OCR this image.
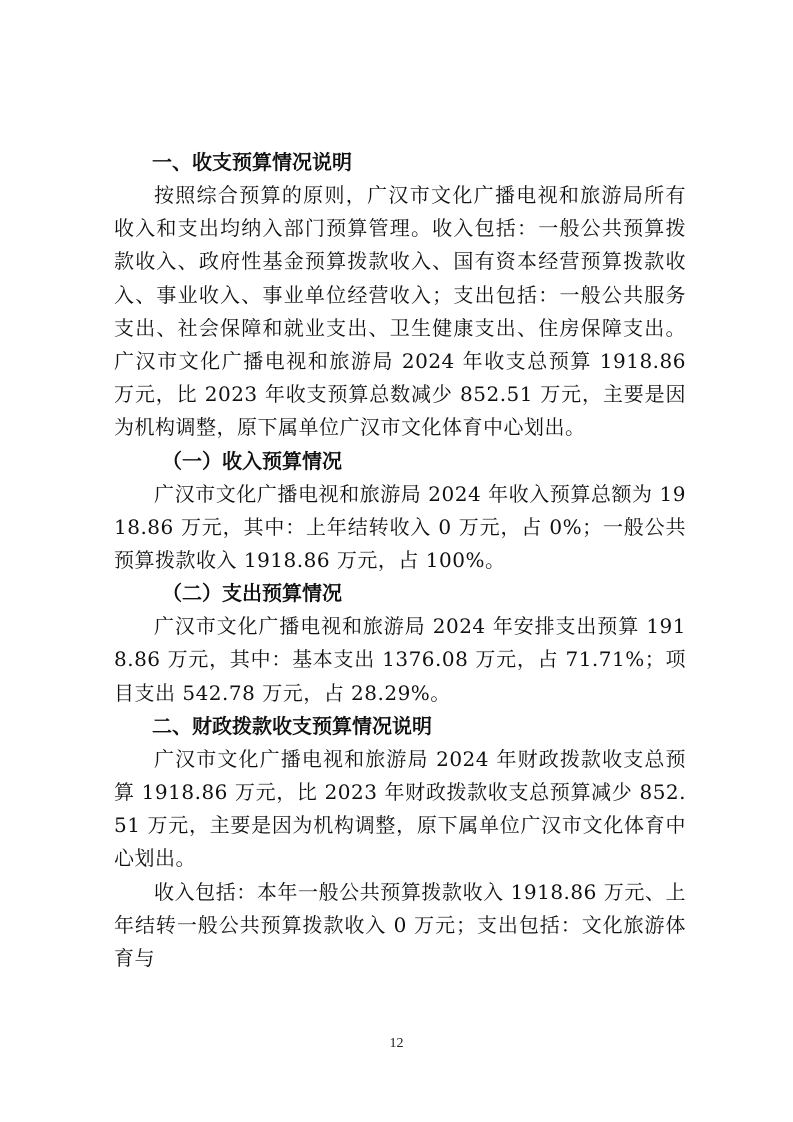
一、收支预算情况说明

按照综合预算的原则，广汉市文化广播电视和旅游局所有收入和支出均纳入部门预算管理。收入包括：一般公共预算拨款收入、政府性基金预算拨款收入、国有资本经营预算拨款收入、事业收入、事业单位经营收入；支出包括：一般公共服务支出、社会保障和就业支出、卫生健康支出、住房保障支出。广汉市文化广播电视和旅游局 2024 年收支总预算 1918.86 万元，比 2023 年收支预算总数减少 852.51 万元，主要是因为机构调整，原下属单位广汉市文化体育中心划出。

（一）收入预算情况

广汉市文化广播电视和旅游局 2024 年收入预算总额为 1918.86 万元，其中：上年结转收入 0 万元，占 0%；一般公共预算拨款收入 1918.86 万元，占 100%。

（二）支出预算情况

广汉市文化广播电视和旅游局 2024 年安排支出预算 1918.86 万元，其中：基本支出 1376.08 万元，占 71.71%；项目支出 542.78 万元，占 28.29%。

二、财政拨款收支预算情况说明

广汉市文化广播电视和旅游局 2024 年财政拨款收支总预算 1918.86 万元，比 2023 年财政拨款收支总预算减少 852.51 万元，主要是因为机构调整，原下属单位广汉市文化体育中心划出。

收入包括：本年一般公共预算拨款收入 1918.86 万元、上年结转一般公共预算拨款收入 0 万元；支出包括：文化旅游体育与

12
